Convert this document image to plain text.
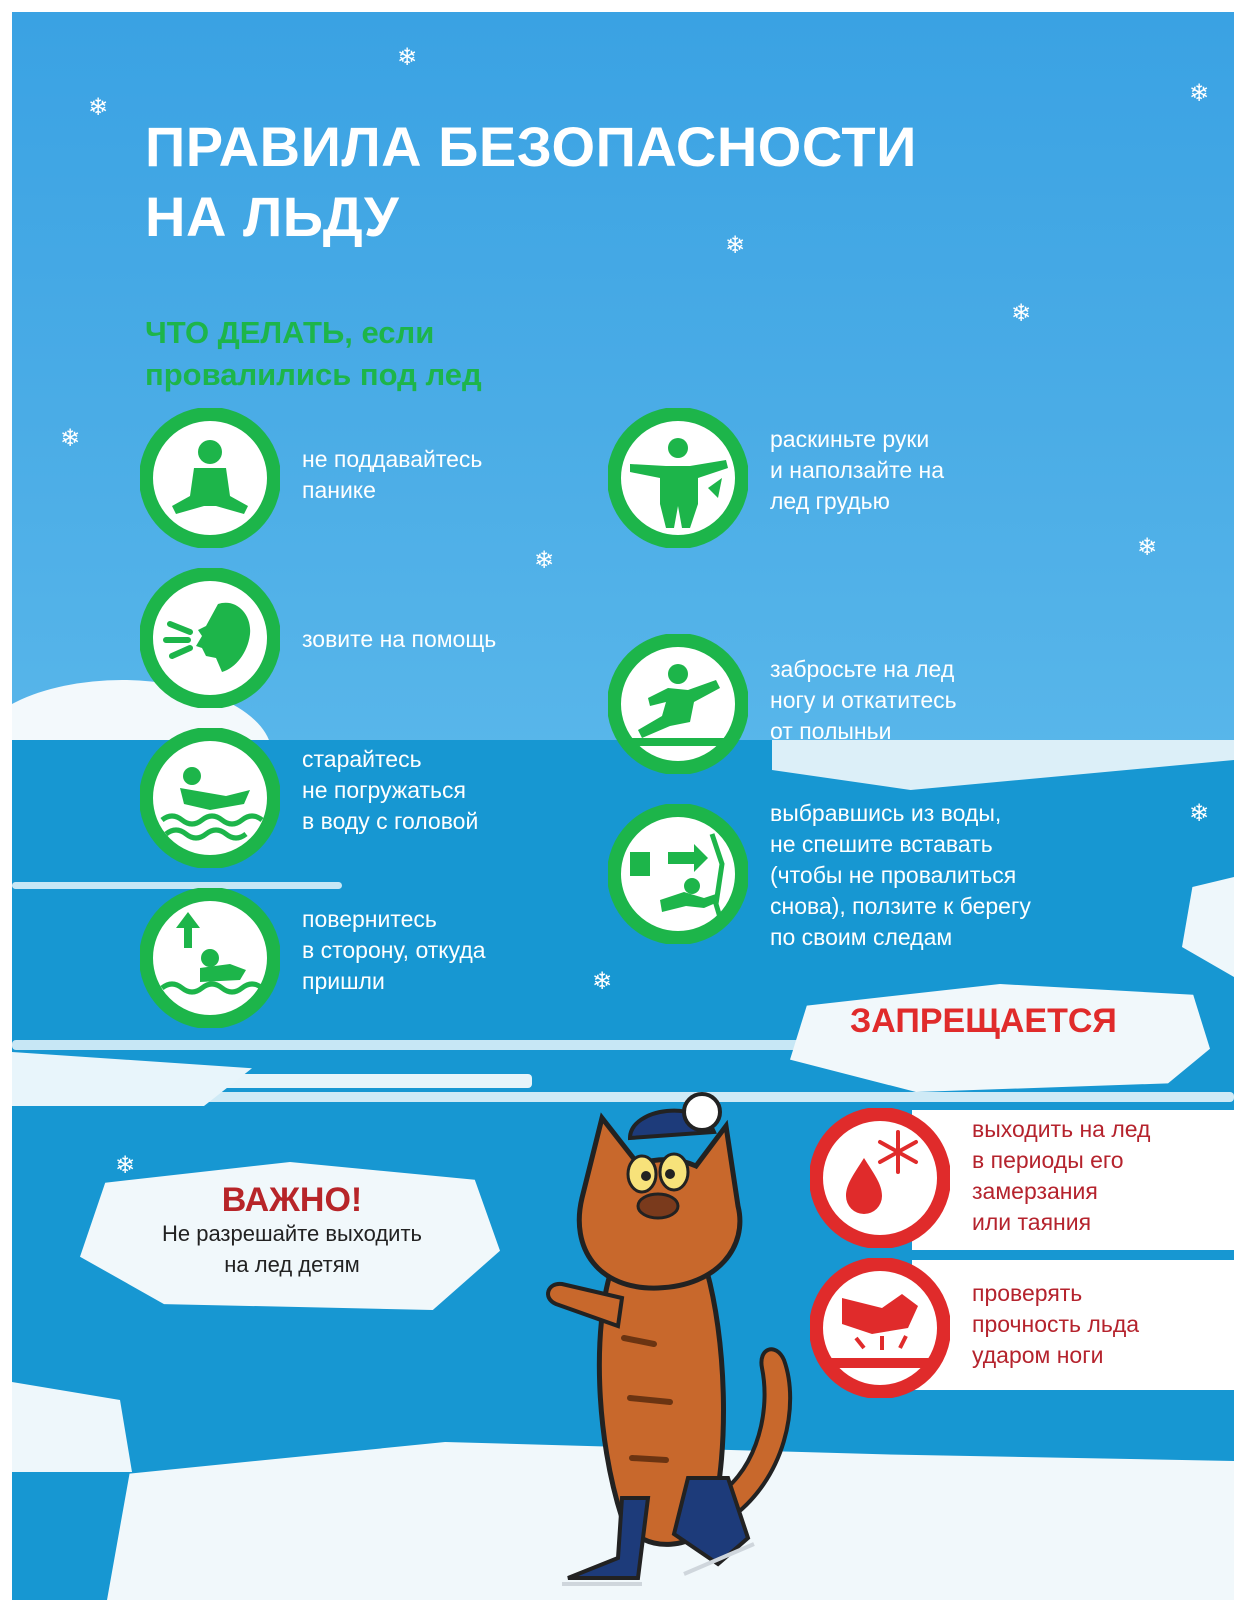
❄
❄
❄
❄
❄
❄
❄	❄
❄
❄
❄
ПРАВИЛА БЕЗОПАСНОСТИ
НА ЛЬДУ
ЧТО ДЕЛАТЬ, если
провалились под лед
не поддавайтесь
панике
зовите на помощь
старайтесь
не погружаться
в воду с головой
повернитесь
в сторону, откуда
пришли
раскиньте руки
и наползайте на
лед грудью
забросьте на лед
ногу и откатитесь
от полыньи
выбравшись из воды,
не спешите вставать
(чтобы не провалиться
снова), ползите к берегу
по своим следам
ЗАПРЕЩАЕТСЯ
выходить на лед
в периоды его
замерзания
или таяния
проверять
прочность льда
ударом ноги
ВАЖНО!
Не разрешайте выходить
на лед детям
